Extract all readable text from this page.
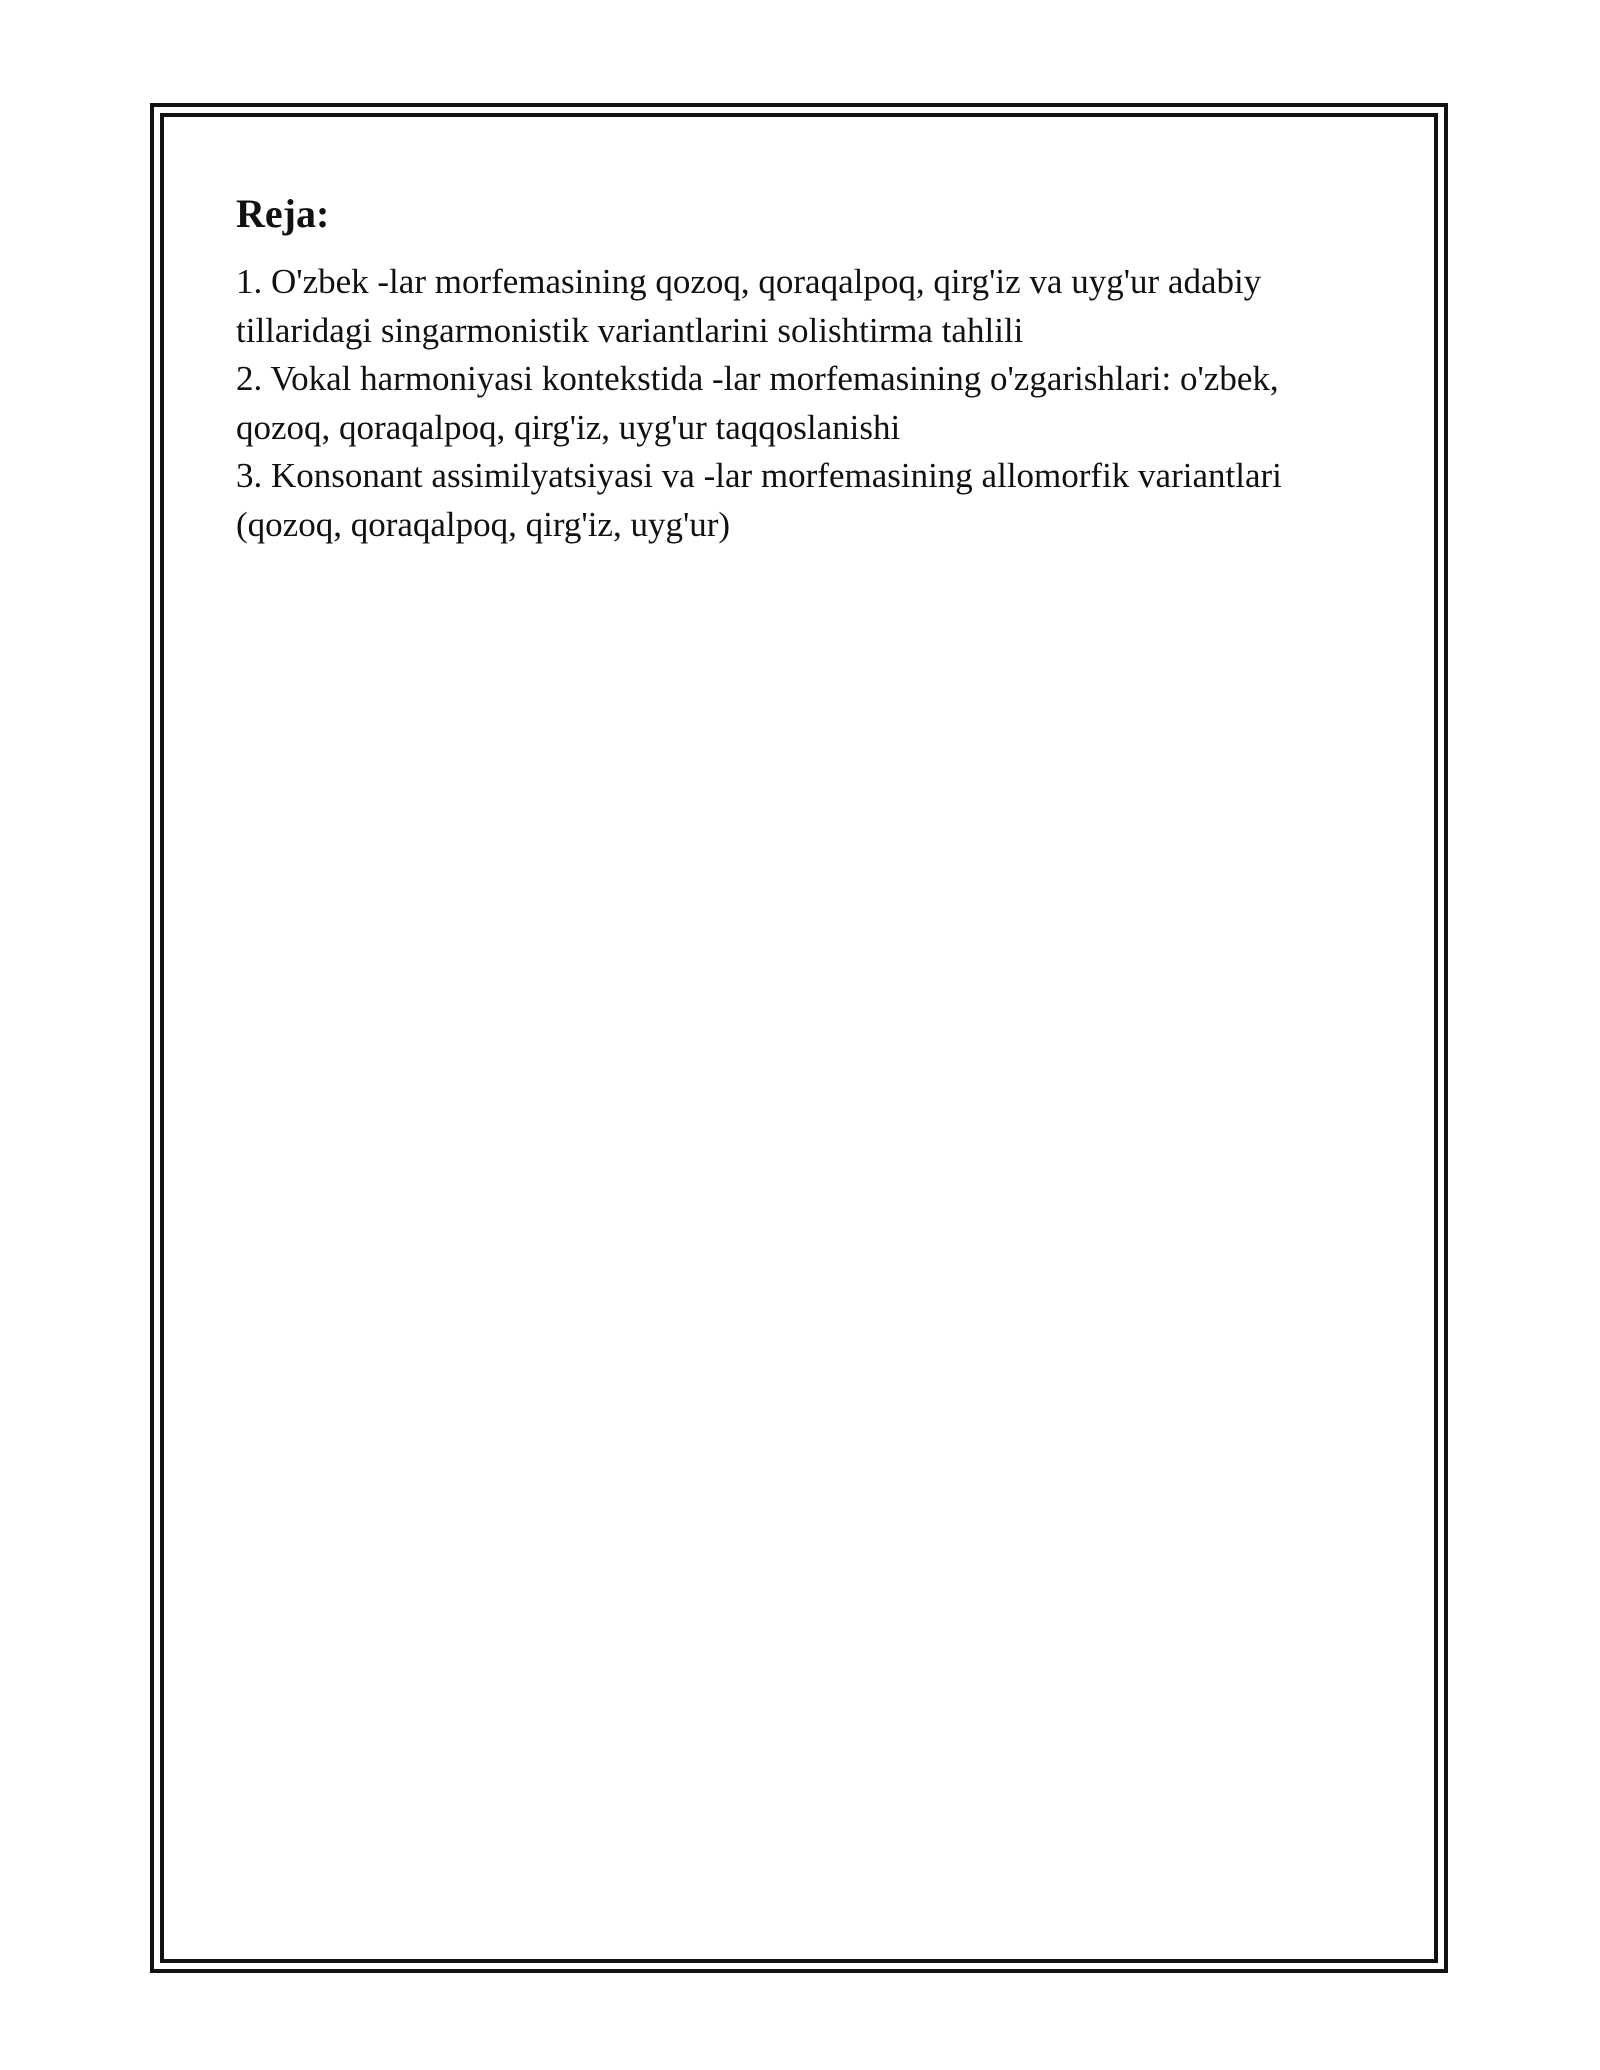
Reja:
1. O'zbek -lar morfemasining qozoq, qoraqalpoq, qirg'iz va uyg'ur adabiy tillaridagi singarmonistik variantlarini solishtirma tahlili
2. Vokal harmoniyasi kontekstida -lar morfemasining o'zgarishlari: o'zbek, qozoq, qoraqalpoq, qirg'iz, uyg'ur taqqoslanishi
3. Konsonant assimilyatsiyasi va -lar morfemasining allomorfik variantlari (qozoq, qoraqalpoq, qirg'iz, uyg'ur)
